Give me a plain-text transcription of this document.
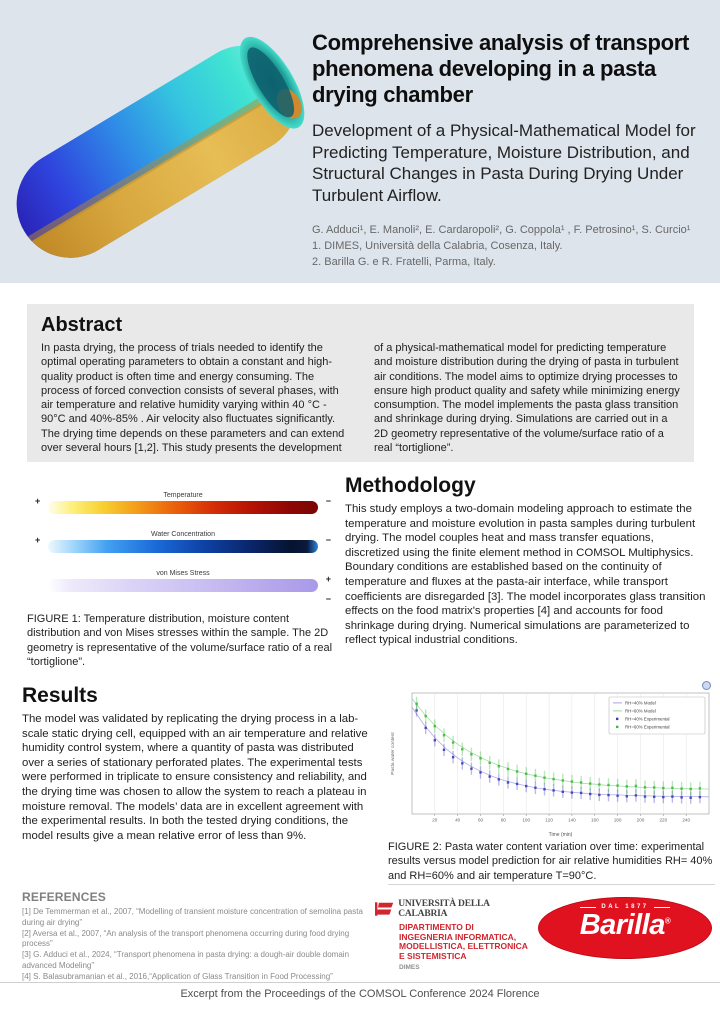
Comprehensive analysis of transport phenomena developing in a pasta drying chamber

Development of a Physical-Mathematical Model for Predicting Temperature, Moisture Distribution, and Structural Changes in Pasta During Drying Under Turbulent Airflow.

G. Adduci¹, E. Manoli², E. Cardaropoli², G. Coppola¹ , F. Petrosino¹, S. Curcio¹
1. DIMES, Università della Calabria, Cosenza, Italy.
2. Barilla G. e R. Fratelli, Parma, Italy.
Abstract
In pasta drying, the process of trials needed to identify the optimal operating parameters to obtain a constant and high-quality product is often time and energy consuming. The process of forced convection consists of several phases, with air temperature and relative humidity varying within 40 °C - 90°C and 40%-85% . Air velocity also fluctuates significantly. The drying time depends on these parameters and can extend over several hours [1,2]. This study presents the development
of a physical-mathematical model for predicting temperature and moisture distribution during the drying of pasta in turbulent air conditions. The model aims to optimize drying processes to ensure high product quality and safety while minimizing energy consumption. The model implements the pasta glass transition and shrinkage during drying. Simulations are carried out in a 2D geometry representative of the volume/surface ratio of a real “tortiglione”.
Temperature
+	−
Water Concentration
+	−
von Mises Stress
+
−
FIGURE 1: Temperature distribution, moisture content distribution and von Mises stresses within the sample. The 2D geometry is representative of the volume/surface ratio of a real “tortiglione”.
Methodology
This study employs a two-domain modeling approach to estimate the temperature and moisture evolution in pasta samples during turbulent drying. The model couples heat and mass transfer equations, discretized using the finite element method in COMSOL Multiphysics. Boundary conditions are established based on the continuity of temperature and fluxes at the pasta-air interface, while transport coefficients are disregarded [3]. The model incorporates glass transition effects on the food matrix's properties [4] and accounts for food shrinkage during drying. Numerical simulations are parameterized to reflect typical industrial conditions.
Results
The model was validated by replicating the drying process in a lab-scale static drying cell, equipped with an air temperature and relative humidity control system, where a quantity of pasta was distributed over a series of stationary perforated plates. The experimental tests were performed in triplicate to ensure consistency and reliability, and the drying time was chosen to allow the system to reach a plateau in moisture removal. The models’ data are in excellent agreement with the experimental results. In both the tested drying conditions, the model results give a mean relative error of less than 9%.
20	40	60	80	100	120	140	160	180	200	220	240
RH=40% Model
RH=60% Model
RH=40% Experimental
RH=60% Experimental
Time (min)
Pasta water content
FIGURE 2: Pasta water content variation over time: experimental results versus model prediction for air relative humidities RH= 40% and RH=60% and air temperature T=90°C.
REFERENCES
[1] De Temmerman et al., 2007, “Modelling of transient moisture concentration of semolina pasta during air drying”
[2] Aversa et al., 2007, “An analysis of the transport phenomena occurring during food drying process”
[3] G. Adduci et al., 2024, “Transport phenomena in pasta drying: a dough-air double domain advanced Modeling”
[4] S. Balasubramanian et al., 2016,“Application of Glass Transition in Food Processing”
UNIVERSITÀ DELLA CALABRIA
DIPARTIMENTO DI
INGEGNERIA INFORMATICA,
MODELLISTICA, ELETTRONICA
E SISTEMISTICA
DIMES
DAL 1877
Barilla®
Excerpt from the Proceedings of the COMSOL Conference 2024 Florence
